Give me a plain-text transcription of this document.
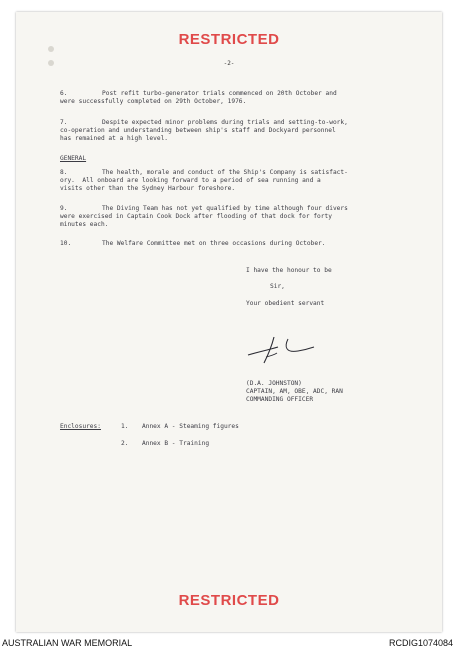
RESTRICTED
-2-
6.	Post refit turbo-generator trials commenced on 20th October and
were successfully completed on 29th October, 1976.
7.	Despite expected minor problems during trials and setting-to-work,
co-operation and understanding between ship's staff and Dockyard personnel
has remained at a high level.
GENERAL
8.	The health, morale and conduct of the Ship's Company is satisfact-
ory.  All onboard are looking forward to a period of sea running and a
visits other than the Sydney Harbour foreshore.
9.	The Diving Team has not yet qualified by time although four divers
were exercised in Captain Cook Dock after flooding of that dock for forty
minutes each.
10.	The Welfare Committee met on three occasions during October.
I have the honour to be
Sir,
Your obedient servant
(D.A. JOHNSTON)
CAPTAIN, AM, OBE, ADC, RAN
COMMANDING OFFICER
Enclosures:	1. Annex A - Steaming figures
2. Annex B - Training
RESTRICTED
AUSTRALIAN WAR MEMORIAL	RCDIG1074084
